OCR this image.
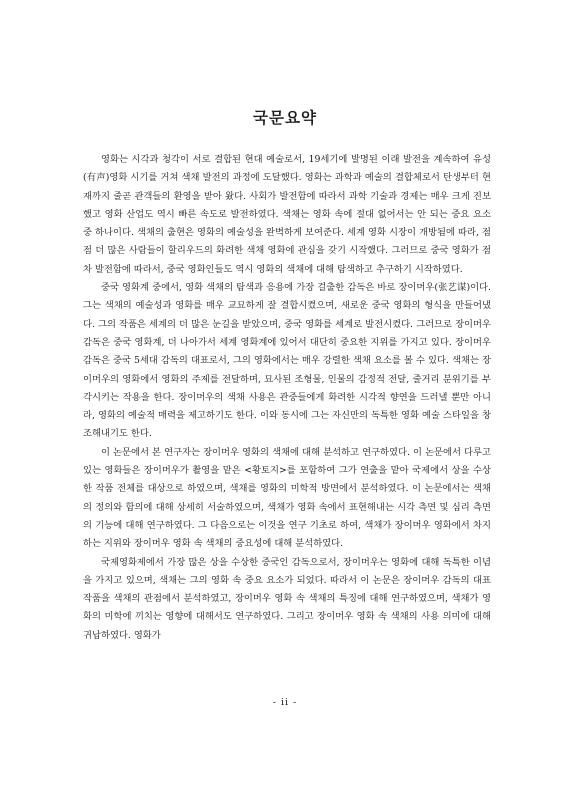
국문요약

영화는 시각과 청각이 서로 결합된 현대 예술로서, 19세기에 발명된 이래 발전을 계속하여 유성(有声)영화 시기를 거쳐 색채 발전의 과정에 도달했다. 영화는 과학과 예술의 결합체로서 탄생부터 현재까지 줄곧 관객들의 환영을 받아 왔다. 사회가 발전함에 따라서 과학 기술과 경제는 매우 크게 진보했고 영화 산업도 역시 빠른 속도로 발전하였다. 색채는 영화 속에 절대 없어서는 안 되는 중요 요소 중 하나이다. 색채의 출현은 영화의 예술성을 완벽하게 보여준다. 세계 영화 시장이 개방됨에 따라, 점점 더 많은 사람들이 할리우드의 화려한 색채 영화에 관심을 갖기 시작했다. 그러므로 중국 영화가 점차 발전함에 따라서, 중국 영화인들도 역시 영화의 색채에 대해 탐색하고 추구하기 시작하였다.

중국 영화계 중에서, 영화 색채의 탐색과 응용에 가장 걸출한 감독은 바로 장이머우(张艺谋)이다. 그는 색채의 예술성과 영화를 매우 교묘하게 잘 결합시켰으며, 새로운 중국 영화의 형식을 만들어냈다. 그의 작품은 세계의 더 많은 눈길을 받았으며, 중국 영화를 세계로 발전시켰다. 그러므로 장이머우 감독은 중국 영화계, 더 나아가서 세계 영화계에 있어서 대단히 중요한 지위를 가지고 있다. 장이머우 감독은 중국 5세대 감독의 대표로서, 그의 영화에서는 매우 강렬한 색채 요소를 볼 수 있다. 색채는 장이머우의 영화에서 영화의 주제를 전달하며, 묘사된 조형물, 인물의 감정적 전달, 줄거리 분위기를 부각시키는 작용을 한다. 장이머우의 색채 사용은 관중들에게 화려한 시각적 향연을 드러낼 뿐만 아니라, 영화의 예술적 매력을 제고하기도 한다. 이와 동시에 그는 자신만의 독특한 영화 예술 스타일을 창조해내기도 한다.

이 논문에서 본 연구자는 장이머우 영화의 색채에 대해 분석하고 연구하였다. 이 논문에서 다루고 있는 영화들은 장이머우가 촬영을 맡은 <황토지>를 포함하여 그가 연출을 맡아 국제에서 상을 수상한 작품 전체를 대상으로 하였으며, 색채를 영화의 미학적 방면에서 분석하였다. 이 논문에서는 색채의 정의와 함의에 대해 상세히 서술하였으며, 색채가 영화 속에서 표현해내는 시각 측면 및 심리 측면의 기능에 대해 연구하였다. 그 다음으로는 이것을 연구 기초로 하여, 색채가 장이머우 영화에서 차지하는 지위와 장이머우 영화 속 색채의 중요성에 대해 분석하였다.

국제영화제에서 가장 많은 상을 수상한 중국인 감독으로서, 장이머우는 영화에 대해 독특한 이념을 가지고 있으며, 색채는 그의 영화 속 중요 요소가 되었다. 따라서 이 논문은 장이머우 감독의 대표 작품을 색채의 관점에서 분석하였고, 장이머우 영화 속 색채의 특징에 대해 연구하였으며, 색채가 영화의 미학에 끼치는 영향에 대해서도 연구하였다. 그리고 장이머우 영화 속 색채의 사용 의미에 대해 귀납하였다. 영화가

- ii -
